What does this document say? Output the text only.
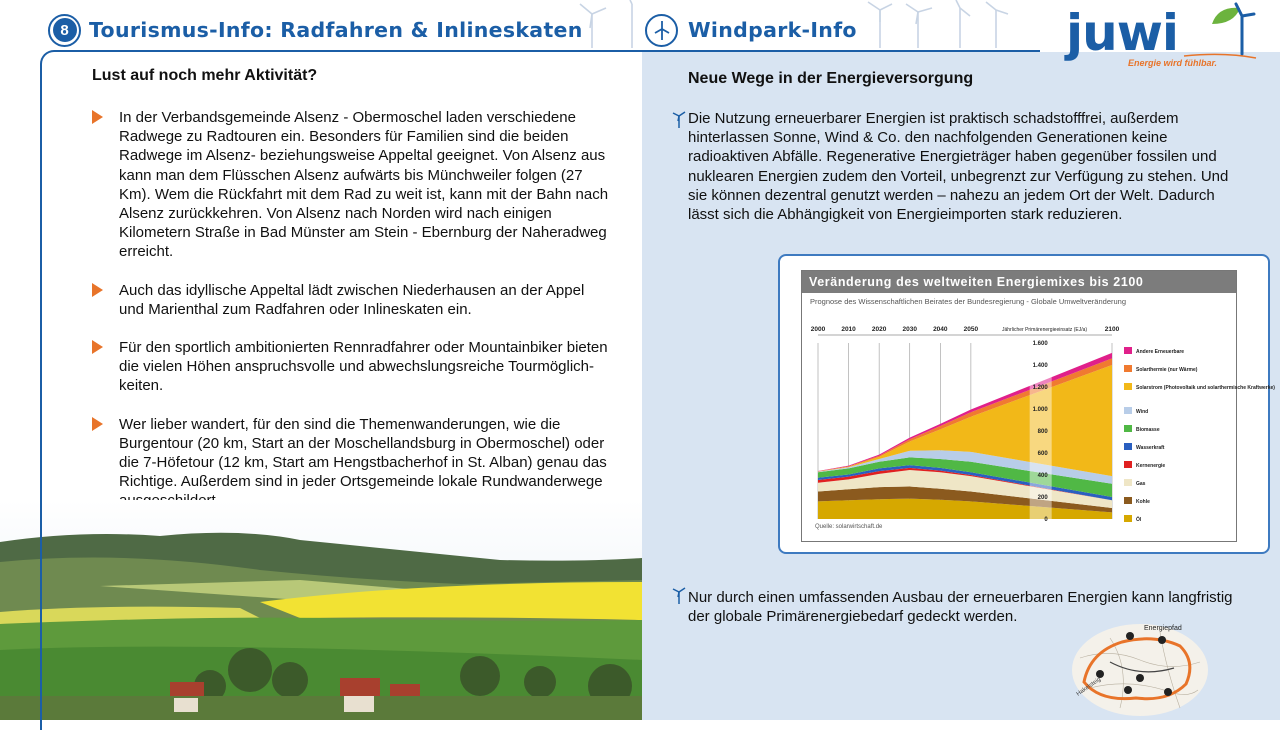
8 Tourismus-Info: Radfahren & Inlineskaten
Lust auf noch mehr Aktivität?
In der Verbandsgemeinde Alsenz - Obermoschel laden verschiedene Radwege zu Radtouren ein. Besonders für Familien sind die beiden Radwege im Alsenz- beziehungsweise Appeltal geeignet. Von Alsenz aus kann man dem Flüsschen Alsenz aufwärts bis Münchweiler folgen (27 Km). Wem die Rückfahrt mit dem Rad zu weit ist, kann mit der Bahn nach Alsenz zurückkehren. Von Alsenz nach Norden wird nach einigen Kilometern Straße in Bad Münster am Stein - Ebernburg der Naheradweg erreicht.
Auch das idyllische Appeltal lädt zwischen Niederhausen an der Appel und Marienthal zum Radfahren oder Inlineskaten ein.
Für den sportlich ambitionierten Rennradfahrer oder Mountainbiker bieten die vielen Höhen anspruchsvolle und abwechslungsreiche Tourmöglich-keiten.
Wer lieber wandert, für den sind die Themenwanderungen, wie die Burgentour (20 km, Start an der Moschellandsburg in Obermoschel) oder die 7-Höfetour (12 km, Start am Hengstbacherhof in St. Alban) genau das Richtige. Außerdem sind in jeder Ortsgemeinde lokale Rundwanderwege
Windpark-Info	juwi
Energie wird fühlbar.
Neue Wege in der Energieversorgung
Die Nutzung erneuerbarer Energien ist praktisch schadstofffrei, außerdem hinterlassen Sonne, Wind & Co. den nachfolgenden Generationen keine radioaktiven Abfälle. Regenerative Energieträger haben gegenüber fossilen und nuklearen Energien zudem den Vorteil, unbegrenzt zur Verfügung zu stehen. Und sie können dezentral genutzt werden – nahezu an jedem Ort der Welt. Dadurch lässt sich die Abhängigkeit von Energieimporten stark reduzieren.
Veränderung des weltweiten Energiemixes bis 2100
Prognose des Wissenschaftlichen Beirates der Bundesregierung - Globale Umweltveränderung
2000 2010 2020 2030 2040 2050	2100
Jährlicher Primärenergieeinsatz (EJ/a)
0
200
400
600
800
1.000
1.200
1.400
1.600
Andere Erneuerbare
Solarthermie (nur Wärme)
Solarstrom (Photovoltaik und solarthermische Kraftwerke)
Wind
Biomasse
Wasserkraft
Kernenergie
Gas
Kohle
Öl
Quelle: solarwirtschaft.de
Nur durch einen umfassenden Ausbau der erneuerbaren Energien kann langfristig der globale Primärenergiebedarf gedeckt werden.
Energiepfad
Hakelsteig
